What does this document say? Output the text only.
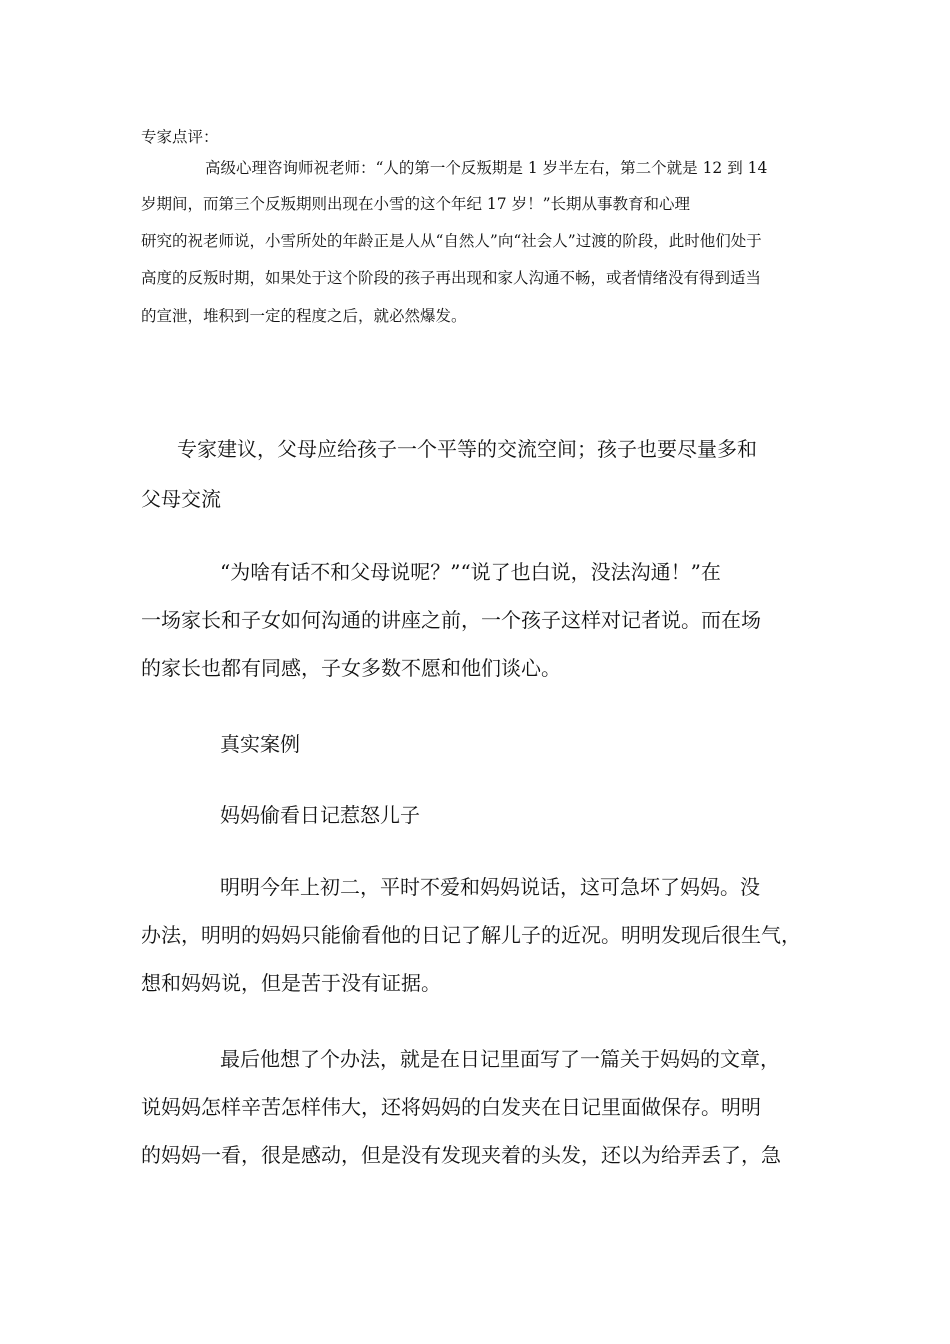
专家点评：
高级心理咨询师祝老师：“人的第一个反叛期是 1 岁半左右，第二个就是 12 到 14
岁期间，而第三个反叛期则出现在小雪的这个年纪 17 岁！”长期从事教育和心理
研究的祝老师说，小雪所处的年龄正是人从“自然人”向“社会人”过渡的阶段，此时他们处于
高度的反叛时期，如果处于这个阶段的孩子再出现和家人沟通不畅，或者情绪没有得到适当
的宣泄，堆积到一定的程度之后，就必然爆发。
专家建议，父母应给孩子一个平等的交流空间；孩子也要尽量多和
父母交流
“为啥有话不和父母说呢？”“说了也白说，没法沟通！”在
一场家长和子女如何沟通的讲座之前，一个孩子这样对记者说。而在场
的家长也都有同感，子女多数不愿和他们谈心。
真实案例
妈妈偷看日记惹怒儿子
明明今年上初二，平时不爱和妈妈说话，这可急坏了妈妈。没
办法，明明的妈妈只能偷看他的日记了解儿子的近况。明明发现后很生气，
想和妈妈说，但是苦于没有证据。
最后他想了个办法，就是在日记里面写了一篇关于妈妈的文章，
说妈妈怎样辛苦怎样伟大，还将妈妈的白发夹在日记里面做保存。明明
的妈妈一看，很是感动，但是没有发现夹着的头发，还以为给弄丢了，急
